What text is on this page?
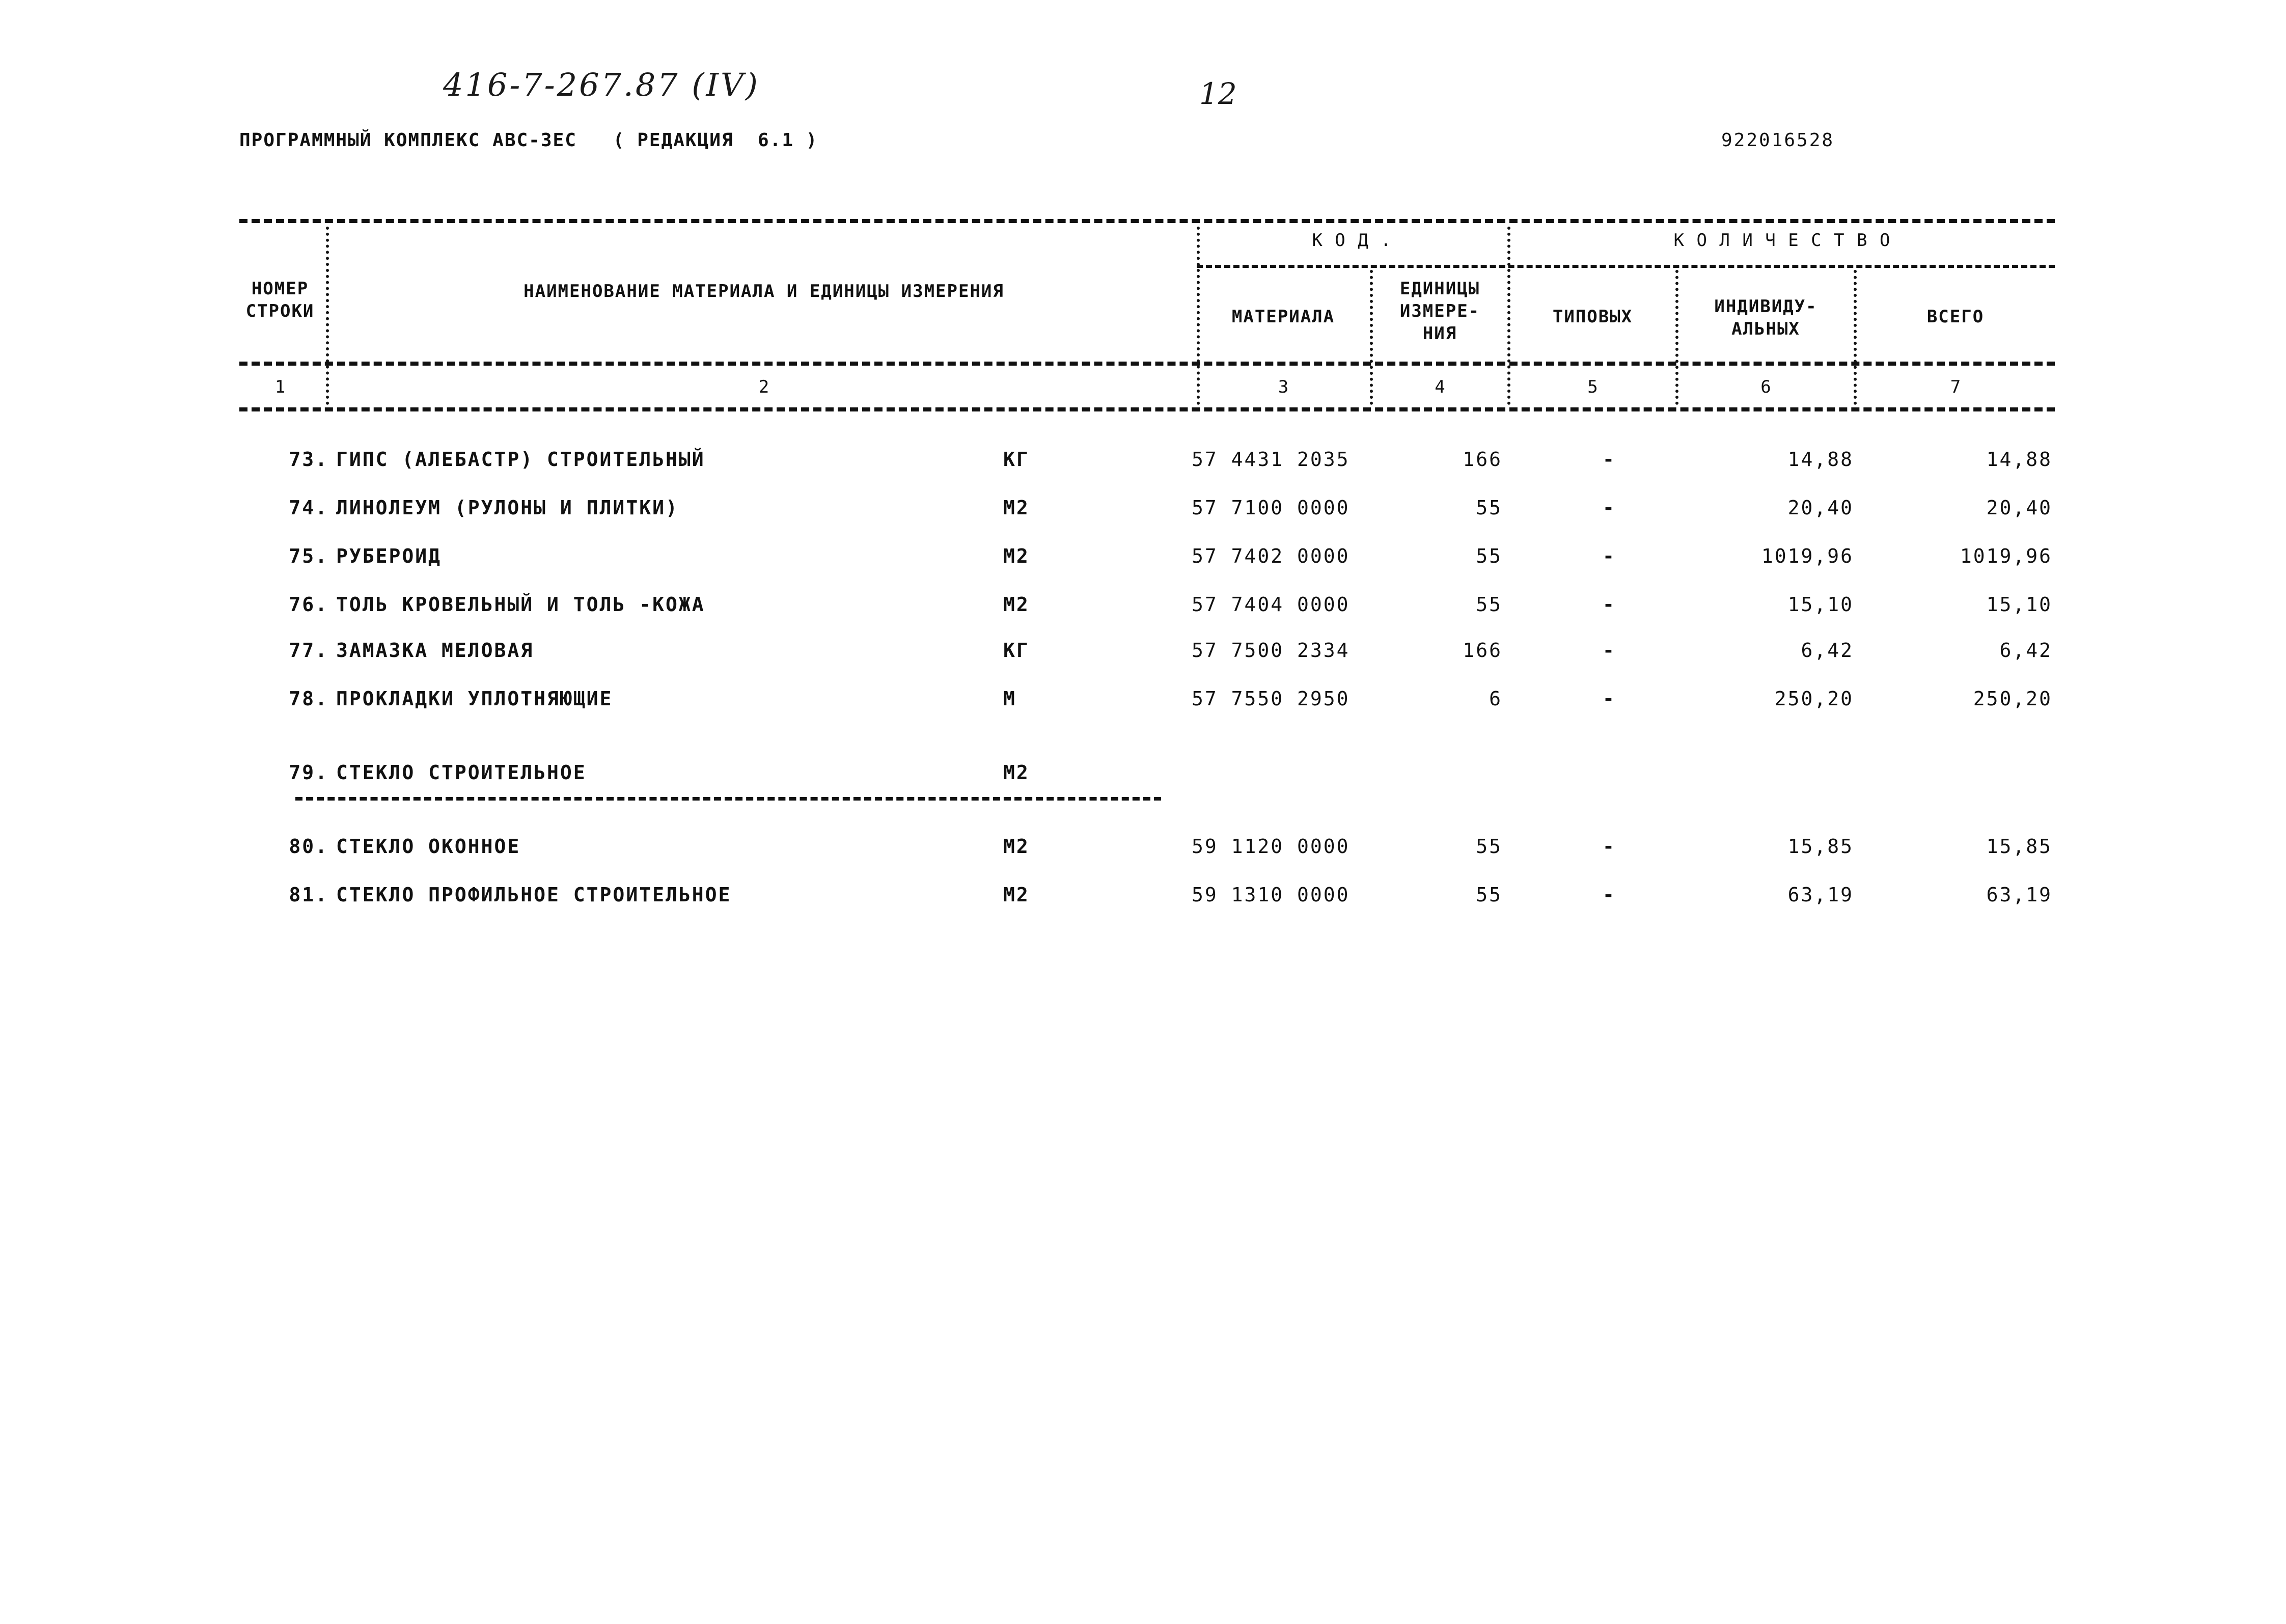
416-7-267.87 (IV)	12
ПРОГРАММНЫЙ КОМПЛЕКС АВС-3ЕС   ( РЕДАКЦИЯ  6.1 )	922016528
НОМЕР
СТРОКИ
НАИМЕНОВАНИЕ МАТЕРИАЛА И ЕДИНИЦЫ ИЗМЕРЕНИЯ
К О Д .
МАТЕРИАЛА
ЕДИНИЦЫ
ИЗМЕРЕ-
НИЯ
К О Л И Ч Е С Т В О
ТИПОВЫХ	ИНДИВИДУ-
АЛЬНЫХ
ВСЕГО
1	2	3	4	5	6	7
73. ГИПС (АЛЕБАСТР) СТРОИТЕЛЬНЫЙ	КГ	57 4431 2035	166	-	14,88	14,88
74. ЛИНОЛЕУМ (РУЛОНЫ И ПЛИТКИ)	М2	57 7100 0000	55	-	20,40	20,40
75. РУБЕРОИД	М2	57 7402 0000	55	-	1019,96	1019,96
76. ТОЛЬ КРОВЕЛЬНЫЙ И ТОЛЬ -КОЖА	М2	57 7404 0000	55	-	15,10	15,10
77. ЗАМАЗКА МЕЛОВАЯ	КГ	57 7500 2334	166	-	6,42	6,42
78. ПРОКЛАДКИ УПЛОТНЯЮЩИЕ	М	57 7550 2950	6	-	250,20	250,20
79. СТЕКЛО СТРОИТЕЛЬНОЕ	М2
80. СТЕКЛО ОКОННОЕ	М2	59 1120 0000	55	-	15,85	15,85
81. СТЕКЛО ПРОФИЛЬНОЕ СТРОИТЕЛЬНОЕ	М2	59 1310 0000	55	-	63,19	63,19
